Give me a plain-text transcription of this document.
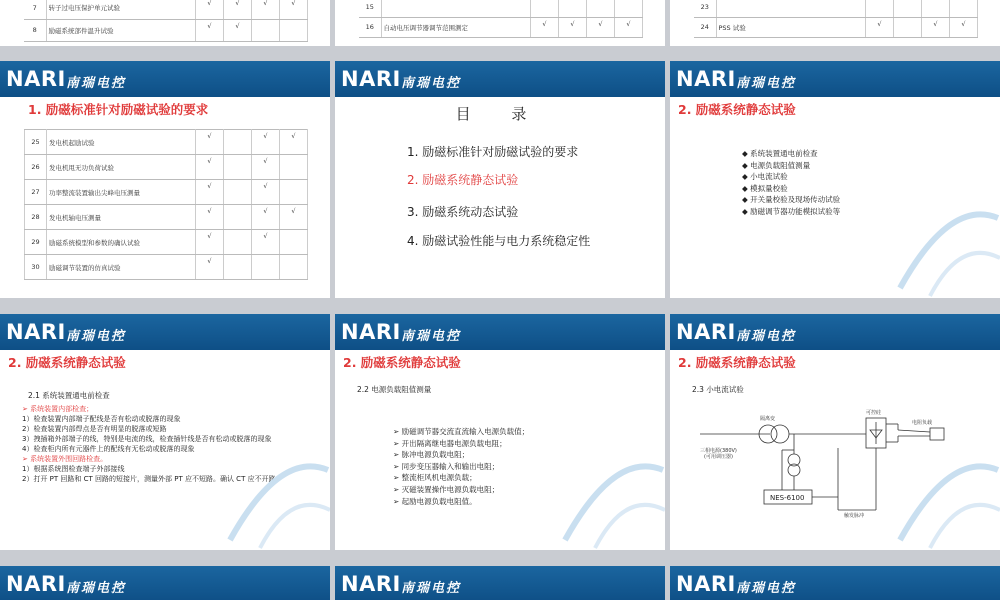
7	转子过电压保护单元试验	√	√	√	√
8	励磁系统部件温升试验	√	√		
15					
16	自动电压调节器调节范围测定	√	√	√	√
23					
24	PSS 试验	√		√	√
NARI 南瑞电控
1. 励磁标准针对励磁试验的要求
25	发电机起励试验	√		√	√
26	发电机甩无功负荷试验	√		√	
27	功率整流装置输出尖峰电压测量	√		√	
28	发电机轴电压测量	√		√	√
29	励磁系统模型和参数的确认试验	√		√	
30	励磁调节装置的仿真试验	√			
NARI 南瑞电控
目 录
1. 励磁标准针对励磁试验的要求
2. 励磁系统静态试验
3. 励磁系统动态试验
4. 励磁试验性能与电力系统稳定性
NARI 南瑞电控
2. 励磁系统静态试验
◆ 系统装置通电前检查
◆ 电源负载阻值测量
◆ 小电流试验
◆ 模拟量校验
◆ 开关量校验及现场传动试验
◆ 励磁调节器功能模拟试验等
NARI 南瑞电控
2. 励磁系统静态试验
2.1 系统装置通电前检查
➢ 系统装置内部检查；
1）检查装置内部端子配线是否有松动或脱落的现象
2）检查装置内部焊点是否有明显的脱落或短路
3）拽插箱外部端子的线，特别是电流的线，检查插针线是否有松动或脱落的现象
4）检查柜内所有元器件上的配线有无松动或脱落的现象
➢ 系统装置外围回路检查。
1）根据系统图检查端子外部接线
2）打开 PT 回路和 CT 回路的短接片，测量外部 PT 应不短路。确认 CT 应不开路
NARI 南瑞电控
2. 励磁系统静态试验
2.2 电源负载阻值测量
➢ 励磁调节器交流直流输入电源负载值；
➢ 开出隔离继电器电源负载电阻；
➢ 脉冲电源负载电阻；
➢ 同步变压器输入和输出电阻；
➢ 整流柜风机电源负载；
➢ 灭磁装置操作电源负载电阻；
➢ 起励电源负载电阻值。
NARI 南瑞电控
2. 励磁系统静态试验
2.3 小电流试验
隔离变
三相电源(380V) (可用调压器)
可控硅
电阻负载
触发脉冲
NES-6100
NARI 南瑞电控	NARI 南瑞电控	NARI 南瑞电控
